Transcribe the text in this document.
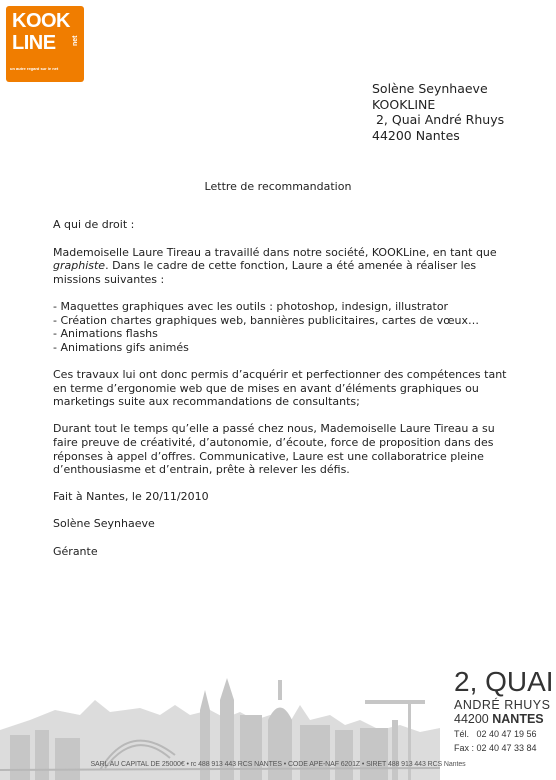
KOOK
LINE net
un autre regard sur le net
Solène Seynhaeve
KOOKLINE
2, Quai André Rhuys
44200 Nantes
Lettre de recommandation

A qui de droit :

Mademoiselle Laure Tireau a travaillé dans notre société, KOOKLine, en tant que graphiste. Dans le cadre de cette fonction, Laure a été amenée à réaliser les missions suivantes :

- Maquettes graphiques avec les outils : photoshop, indesign, illustrator
- Création chartes graphiques web, bannières publicitaires, cartes de vœux…
- Animations flashs
- Animations gifs animés

Ces travaux lui ont donc permis d’acquérir et perfectionner des compétences tant en terme d’ergonomie web que de mises en avant d’éléments graphiques ou marketings suite aux recommandations de consultants;

Durant tout le temps qu’elle a passé chez nous, Mademoiselle Laure Tireau a su faire preuve de créativité, d’autonomie, d’écoute, force de proposition dans des réponses à appel d’offres. Communicative, Laure est une collaboratrice pleine d’enthousiasme et d’entrain, prête à relever les défis.

Fait à Nantes, le 20/11/2010

Solène Seynhaeve

Gérante

2, QUAI
ANDRÉ RHUYS
44200 NANTES
Tél.   02 40 47 19 56
Fax : 02 40 47 33 84
SARL AU CAPITAL DE 25000€ • rc 488 913 443 RCS NANTES • CODE APE-NAF 6201Z • SIRET 488 913 443 RCS Nantes
